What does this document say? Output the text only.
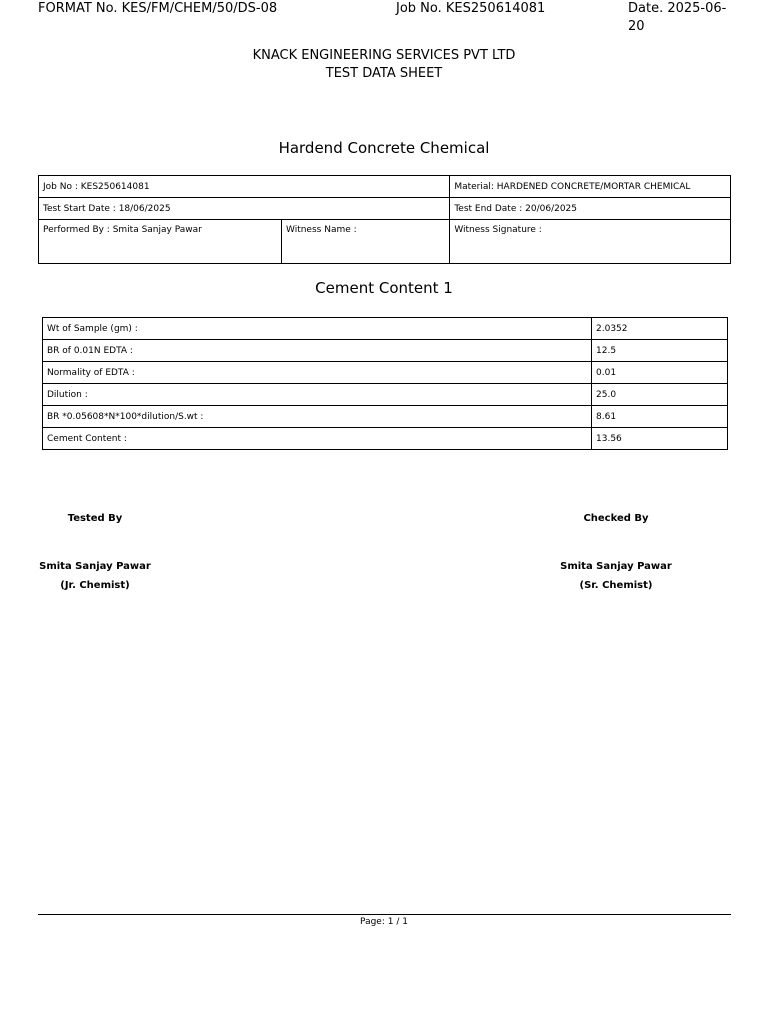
FORMAT No. KES/FM/CHEM/50/DS-08	Job No. KES250614081	Date. 2025-06-20
KNACK ENGINEERING SERVICES PVT LTD
TEST DATA SHEET
Hardend Concrete Chemical
Job No : KES250614081		Material: HARDENED CONCRETE/MORTAR CHEMICAL
Test Start Date : 18/06/2025		Test End Date : 20/06/2025
Performed By : Smita Sanjay Pawar	Witness Name :	Witness Signature :
Cement Content 1
Wt of Sample (gm) :	2.0352
BR of 0.01N EDTA :	12.5
Normality of EDTA :	0.01
Dilution :	25.0
BR *0.05608*N*100*dilution/S.wt :	8.61
Cement Content :	13.56
Tested By
Smita Sanjay Pawar
(Jr. Chemist)
Checked By
Smita Sanjay Pawar
(Sr. Chemist)
Page: 1 / 1
